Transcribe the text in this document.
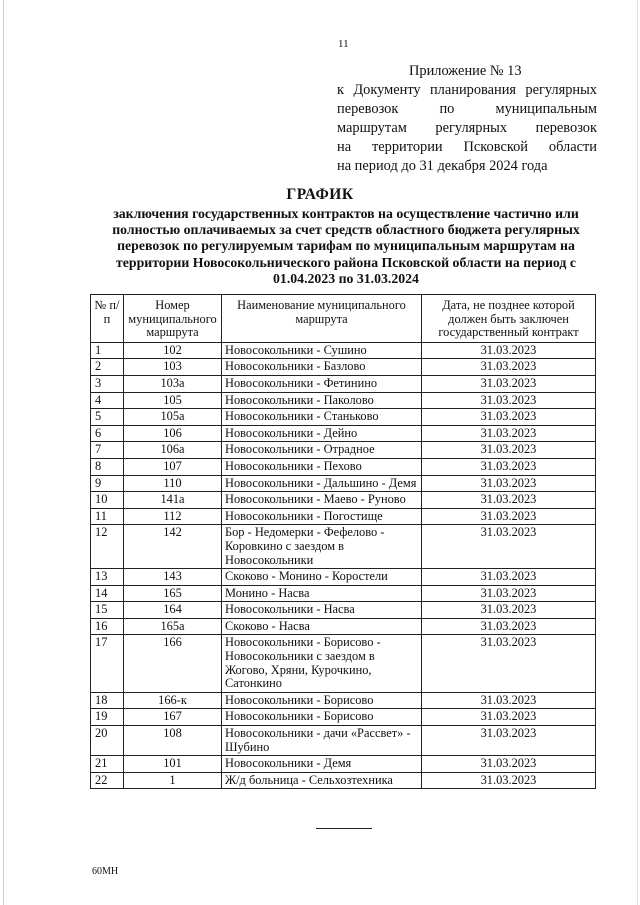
11
Приложение № 13
к Документу планирования регулярных
перевозок по муниципальным
маршрутам регулярных перевозок
на территории Псковской области
на период до 31 декабря 2024 года
ГРАФИК
заключения государственных контрактов на осуществление частично или полностью оплачиваемых за счет средств областного бюджета регулярных перевозок по регулируемым тарифам по муниципальным маршрутам на территории Новосокольнического района Псковской области на период с 01.04.2023 по 31.03.2024
№ п/п	Номер муниципального маршрута	Наименование муниципального маршрута	Дата, не позднее которой должен быть заключен государственный контракт
1	102	Новосокольники - Сушино	31.03.2023
2	103	Новосокольники - Базлово	31.03.2023
3	103а	Новосокольники - Фетинино	31.03.2023
4	105	Новосокольники - Паколово	31.03.2023
5	105а	Новосокольники - Станьково	31.03.2023
6	106	Новосокольники - Дейно	31.03.2023
7	106а	Новосокольники - Отрадное	31.03.2023
8	107	Новосокольники - Пехово	31.03.2023
9	110	Новосокольники - Дальшино - Демя	31.03.2023
10	141а	Новосокольники - Маево - Руново	31.03.2023
11	112	Новосокольники - Погостище	31.03.2023
12	142	Бор - Недомерки - Фефелово - Коровкино с заездом в Новосокольники	31.03.2023
13	143	Скоково - Монино - Коростели	31.03.2023
14	165	Монино - Насва	31.03.2023
15	164	Новосокольники - Насва	31.03.2023
16	165а	Скоково - Насва	31.03.2023
17	166	Новосокольники - Борисово - Новосокольники с заездом в Жогово, Хряни, Курочкино, Сатонкино	31.03.2023
18	166-к	Новосокольники - Борисово	31.03.2023
19	167	Новосокольники - Борисово	31.03.2023
20	108	Новосокольники - дачи «Рассвет» - Шубино	31.03.2023
21	101	Новосокольники - Демя	31.03.2023
22	1	Ж/д больница - Сельхозтехника	31.03.2023
60МН
